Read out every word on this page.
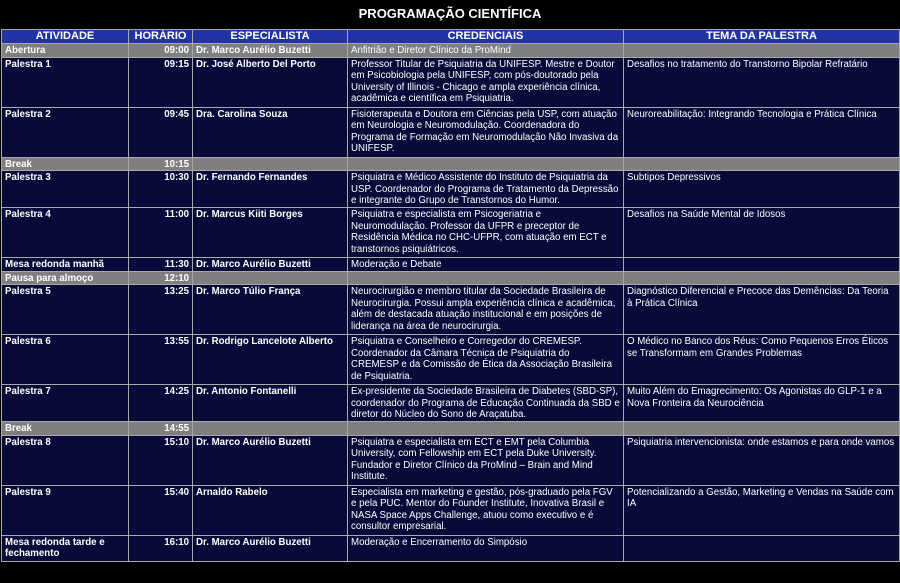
PROGRAMAÇÃO CIENTÍFICA
ATIVIDADE	HORÁRIO	ESPECIALISTA	CREDENCIAIS	TEMA DA PALESTRA
Abertura	09:00	Dr. Marco Aurélio Buzetti	Anfitrião e Diretor Clínico da ProMind	
Palestra 1	09:15	Dr. José Alberto Del Porto	Professor Titular de Psiquiatria da UNIFESP. Mestre e Doutor em Psicobiologia pela UNIFESP, com pós-doutorado pela University of Illinois - Chicago e ampla experiência clínica, acadêmica e científica em Psiquiatria.	Desafios no tratamento do Transtorno Bipolar Refratário
Palestra 2	09:45	Dra. Carolina Souza	Fisioterapeuta e Doutora em Ciências pela USP, com atuação em Neurologia e Neuromodulação. Coordenadora do Programa de Formação em Neuromodulação Não Invasiva da UNIFESP.	Neuroreabilitação: Integrando Tecnologia e Prática Clínica
Break	10:15			
Palestra 3	10:30	Dr. Fernando Fernandes	Psiquiatra e Médico Assistente do Instituto de Psiquiatria da USP. Coordenador do Programa de Tratamento da Depressão e integrante do Grupo de Transtornos do Humor.	Subtipos Depressivos
Palestra 4	11:00	Dr. Marcus Kiiti Borges	Psiquiatra e especialista em Psicogeriatria e Neuromodulação. Professor da UFPR e preceptor de Residência Médica no CHC-UFPR, com atuação em ECT e transtornos psiquiátricos.	Desafios na Saúde Mental de Idosos
Mesa redonda manhã	11:30	Dr. Marco Aurélio Buzetti	Moderação e Debate	
Pausa para almoço	12:10			
Palestra 5	13:25	Dr. Marco Túlio França	Neurocirurgião e membro titular da Sociedade Brasileira de Neurocirurgia. Possui ampla experiência clínica e acadêmica, além de destacada atuação institucional e em posições de liderança na área de neurocirurgia.	Diagnóstico Diferencial e Precoce das Demências: Da Teoria à Prática Clínica
Palestra 6	13:55	Dr. Rodrigo Lancelote Alberto	Psiquiatra e Conselheiro e Corregedor do CREMESP. Coordenador da Câmara Técnica de Psiquiatria do CREMESP e da Comissão de Ética da Associação Brasileira de Psiquiatria.	O Médico no Banco dos Réus: Como Pequenos Erros Éticos se Transformam em Grandes Problemas
Palestra 7	14:25	Dr. Antonio Fontanelli	Ex-presidente da Sociedade Brasileira de Diabetes (SBD-SP), coordenador do Programa de Educação Continuada da SBD e diretor do Núcleo do Sono de Araçatuba.	Muito Além do Emagrecimento: Os Agonistas do GLP-1 e a Nova Fronteira da Neurociência
Break	14:55			
Palestra 8	15:10	Dr. Marco Aurélio Buzetti	Psiquiatra e especialista em ECT e EMT pela Columbia University, com Fellowship em ECT pela Duke University. Fundador e Diretor Clínico da ProMind – Brain and Mind Institute.	Psiquiatria intervencionista: onde estamos e para onde vamos
Palestra 9	15:40	Arnaldo Rabelo	Especialista em marketing e gestão, pós-graduado pela FGV e pela PUC. Mentor do Founder Institute, Inovativa Brasil e NASA Space Apps Challenge, atuou como executivo e é consultor empresarial.	Potencializando a Gestão, Marketing e Vendas na Saúde com IA
Mesa redonda tarde e fechamento	16:10	Dr. Marco Aurélio Buzetti	Moderação e Encerramento do Simpósio	
